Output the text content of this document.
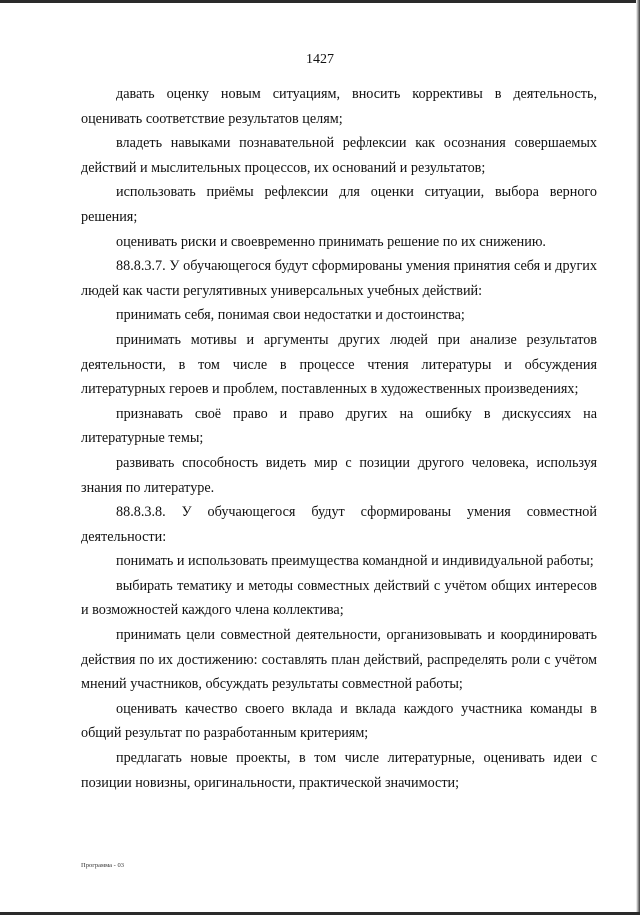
1427

давать оценку новым ситуациям, вносить коррективы в деятельность, оценивать соответствие результатов целям;

владеть навыками познавательной рефлексии как осознания совершаемых действий и мыслительных процессов, их оснований и результатов;

использовать приёмы рефлексии для оценки ситуации, выбора верного решения;

оценивать риски и своевременно принимать решение по их снижению.

88.8.3.7. У обучающегося будут сформированы умения принятия себя и других людей как части регулятивных универсальных учебных действий:

принимать себя, понимая свои недостатки и достоинства;

принимать мотивы и аргументы других людей при анализе результатов деятельности, в том числе в процессе чтения литературы и обсуждения литературных героев и проблем, поставленных в художественных произведениях;

признавать своё право и право других на ошибку в дискуссиях на литературные темы;

развивать способность видеть мир с позиции другого человека, используя знания по литературе.

88.8.3.8. У обучающегося будут сформированы умения совместной деятельности:

понимать и использовать преимущества командной и индивидуальной работы;

выбирать тематику и методы совместных действий с учётом общих интересов и возможностей каждого члена коллектива;

принимать цели совместной деятельности, организовывать и координировать действия по их достижению: составлять план действий, распределять роли с учётом мнений участников, обсуждать результаты совместной работы;

оценивать качество своего вклада и вклада каждого участника команды в общий результат по разработанным критериям;

предлагать новые проекты, в том числе литературные, оценивать идеи с позиции новизны, оригинальности, практической значимости;

Программа - 03
